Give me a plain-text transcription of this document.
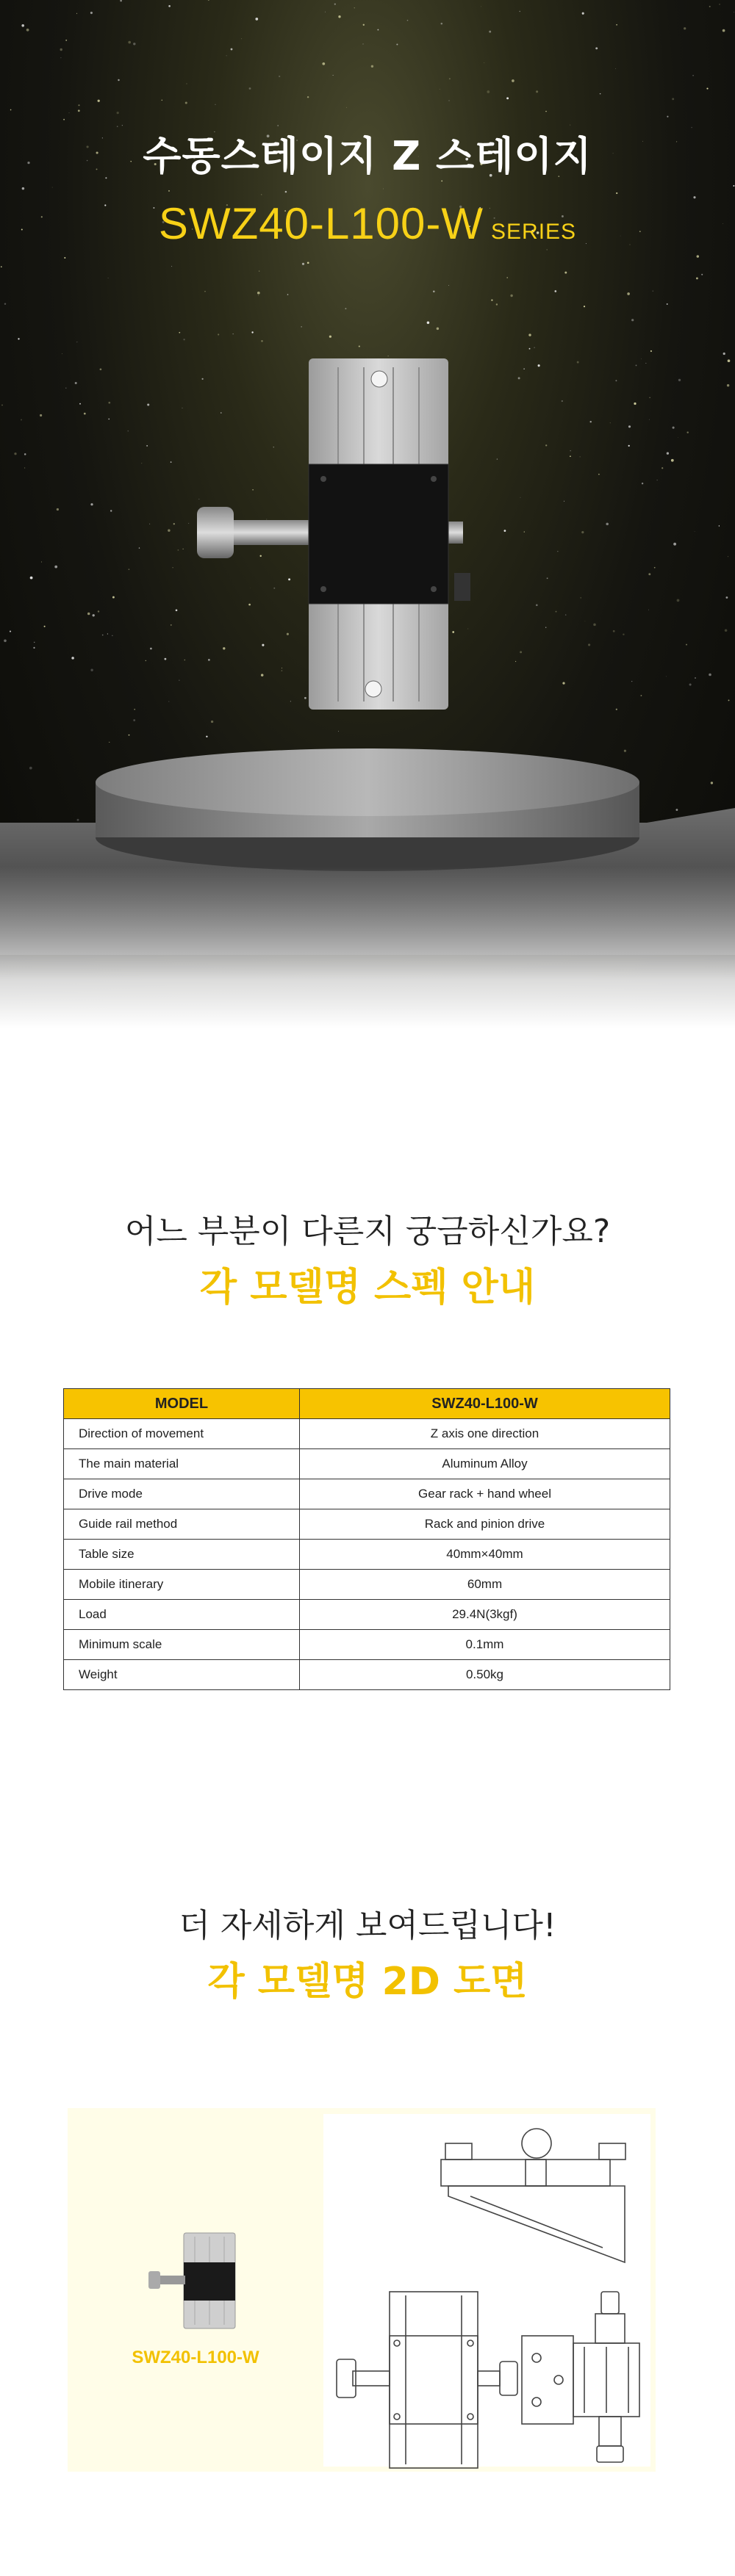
수동스테이지 Z 스테이지
SWZ40-L100-W SERIES
어느 부분이 다른지 궁금하신가요?
각 모델명 스펙 안내
MODEL	SWZ40-L100-W
Direction of movement	Z axis one direction
The main material	Aluminum Alloy
Drive mode	Gear rack + hand wheel
Guide rail method	Rack and pinion drive
Table size	40mm×40mm
Mobile itinerary	60mm
Load	29.4N(3kgf)
Minimum scale	0.1mm
Weight	0.50kg
더 자세하게 보여드립니다!
각 모델명 2D 도면
SWZ40-L100-W
